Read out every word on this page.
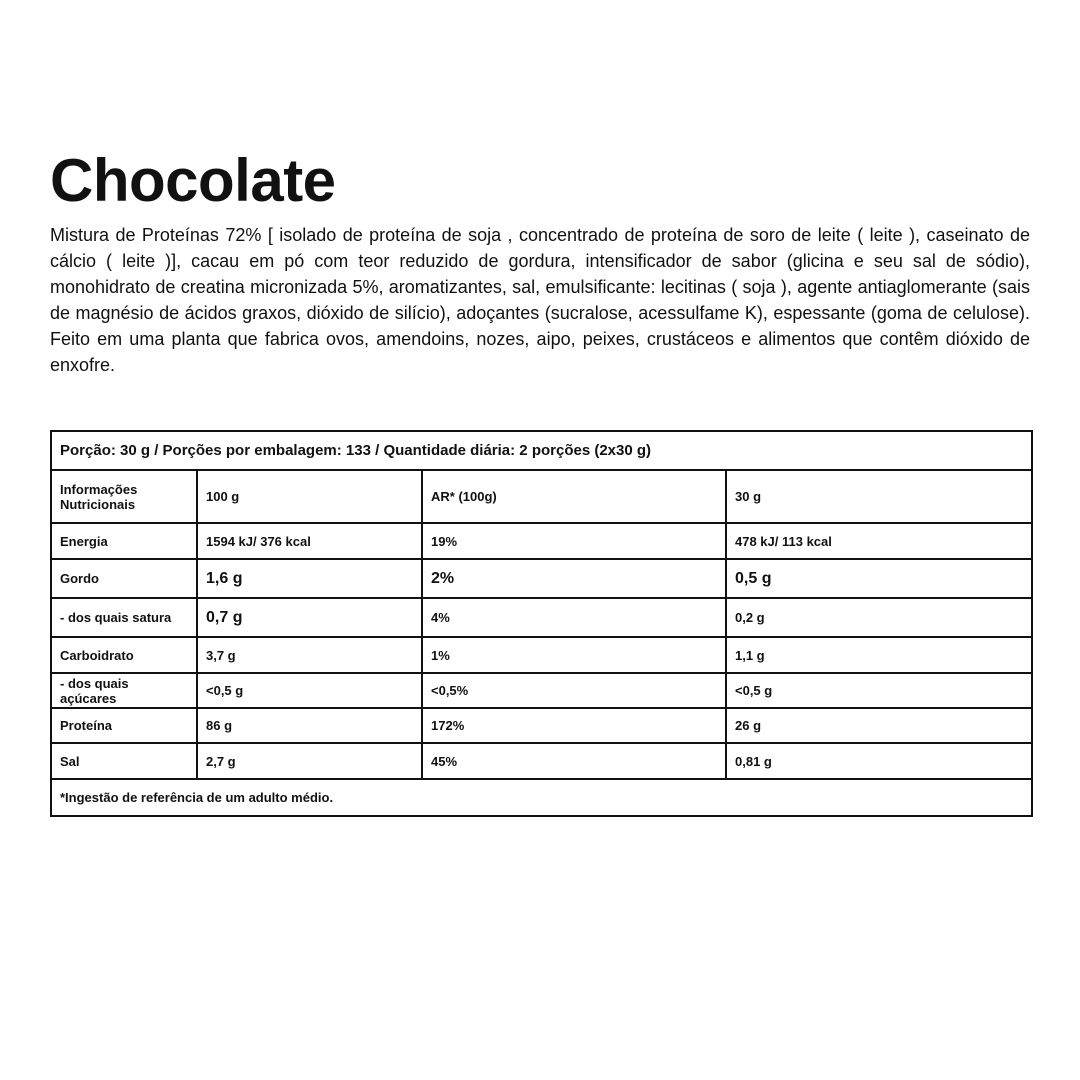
Chocolate

Mistura de Proteínas 72% [ isolado de proteína de soja , concentrado de proteína de soro de leite ( leite ), caseinato de cálcio ( leite )], cacau em pó com teor reduzido de gordura, intensificador de sabor (glicina e seu sal de sódio), monohidrato de creatina micronizada 5%, aromatizantes, sal, emulsificante: lecitinas ( soja ), agente antiaglomerante (sais de magnésio de ácidos graxos, dióxido de silício), adoçantes (sucralose, acessulfame K), espessante (goma de celulose). Feito em uma planta que fabrica ovos, amendoins, nozes, aipo, peixes, crustáceos e alimentos que contêm dióxido de enxofre.

Porção: 30 g / Porções por embalagem: 133 / Quantidade diária: 2 porções (2x30 g)			
Informações Nutricionais	100 g	AR* (100g)	30 g
Energia	1594 kJ/ 376 kcal	19%	478 kJ/ 113 kcal
Gordo	1,6 g	2%	0,5 g
- dos quais satura	0,7 g	4%	0,2 g
Carboidrato	3,7 g	1%	1,1 g
- dos quais açúcares	<0,5 g	<0,5%	<0,5 g
Proteína	86 g	172%	26 g
Sal	2,7 g	45%	0,81 g
*Ingestão de referência de um adulto médio.			
